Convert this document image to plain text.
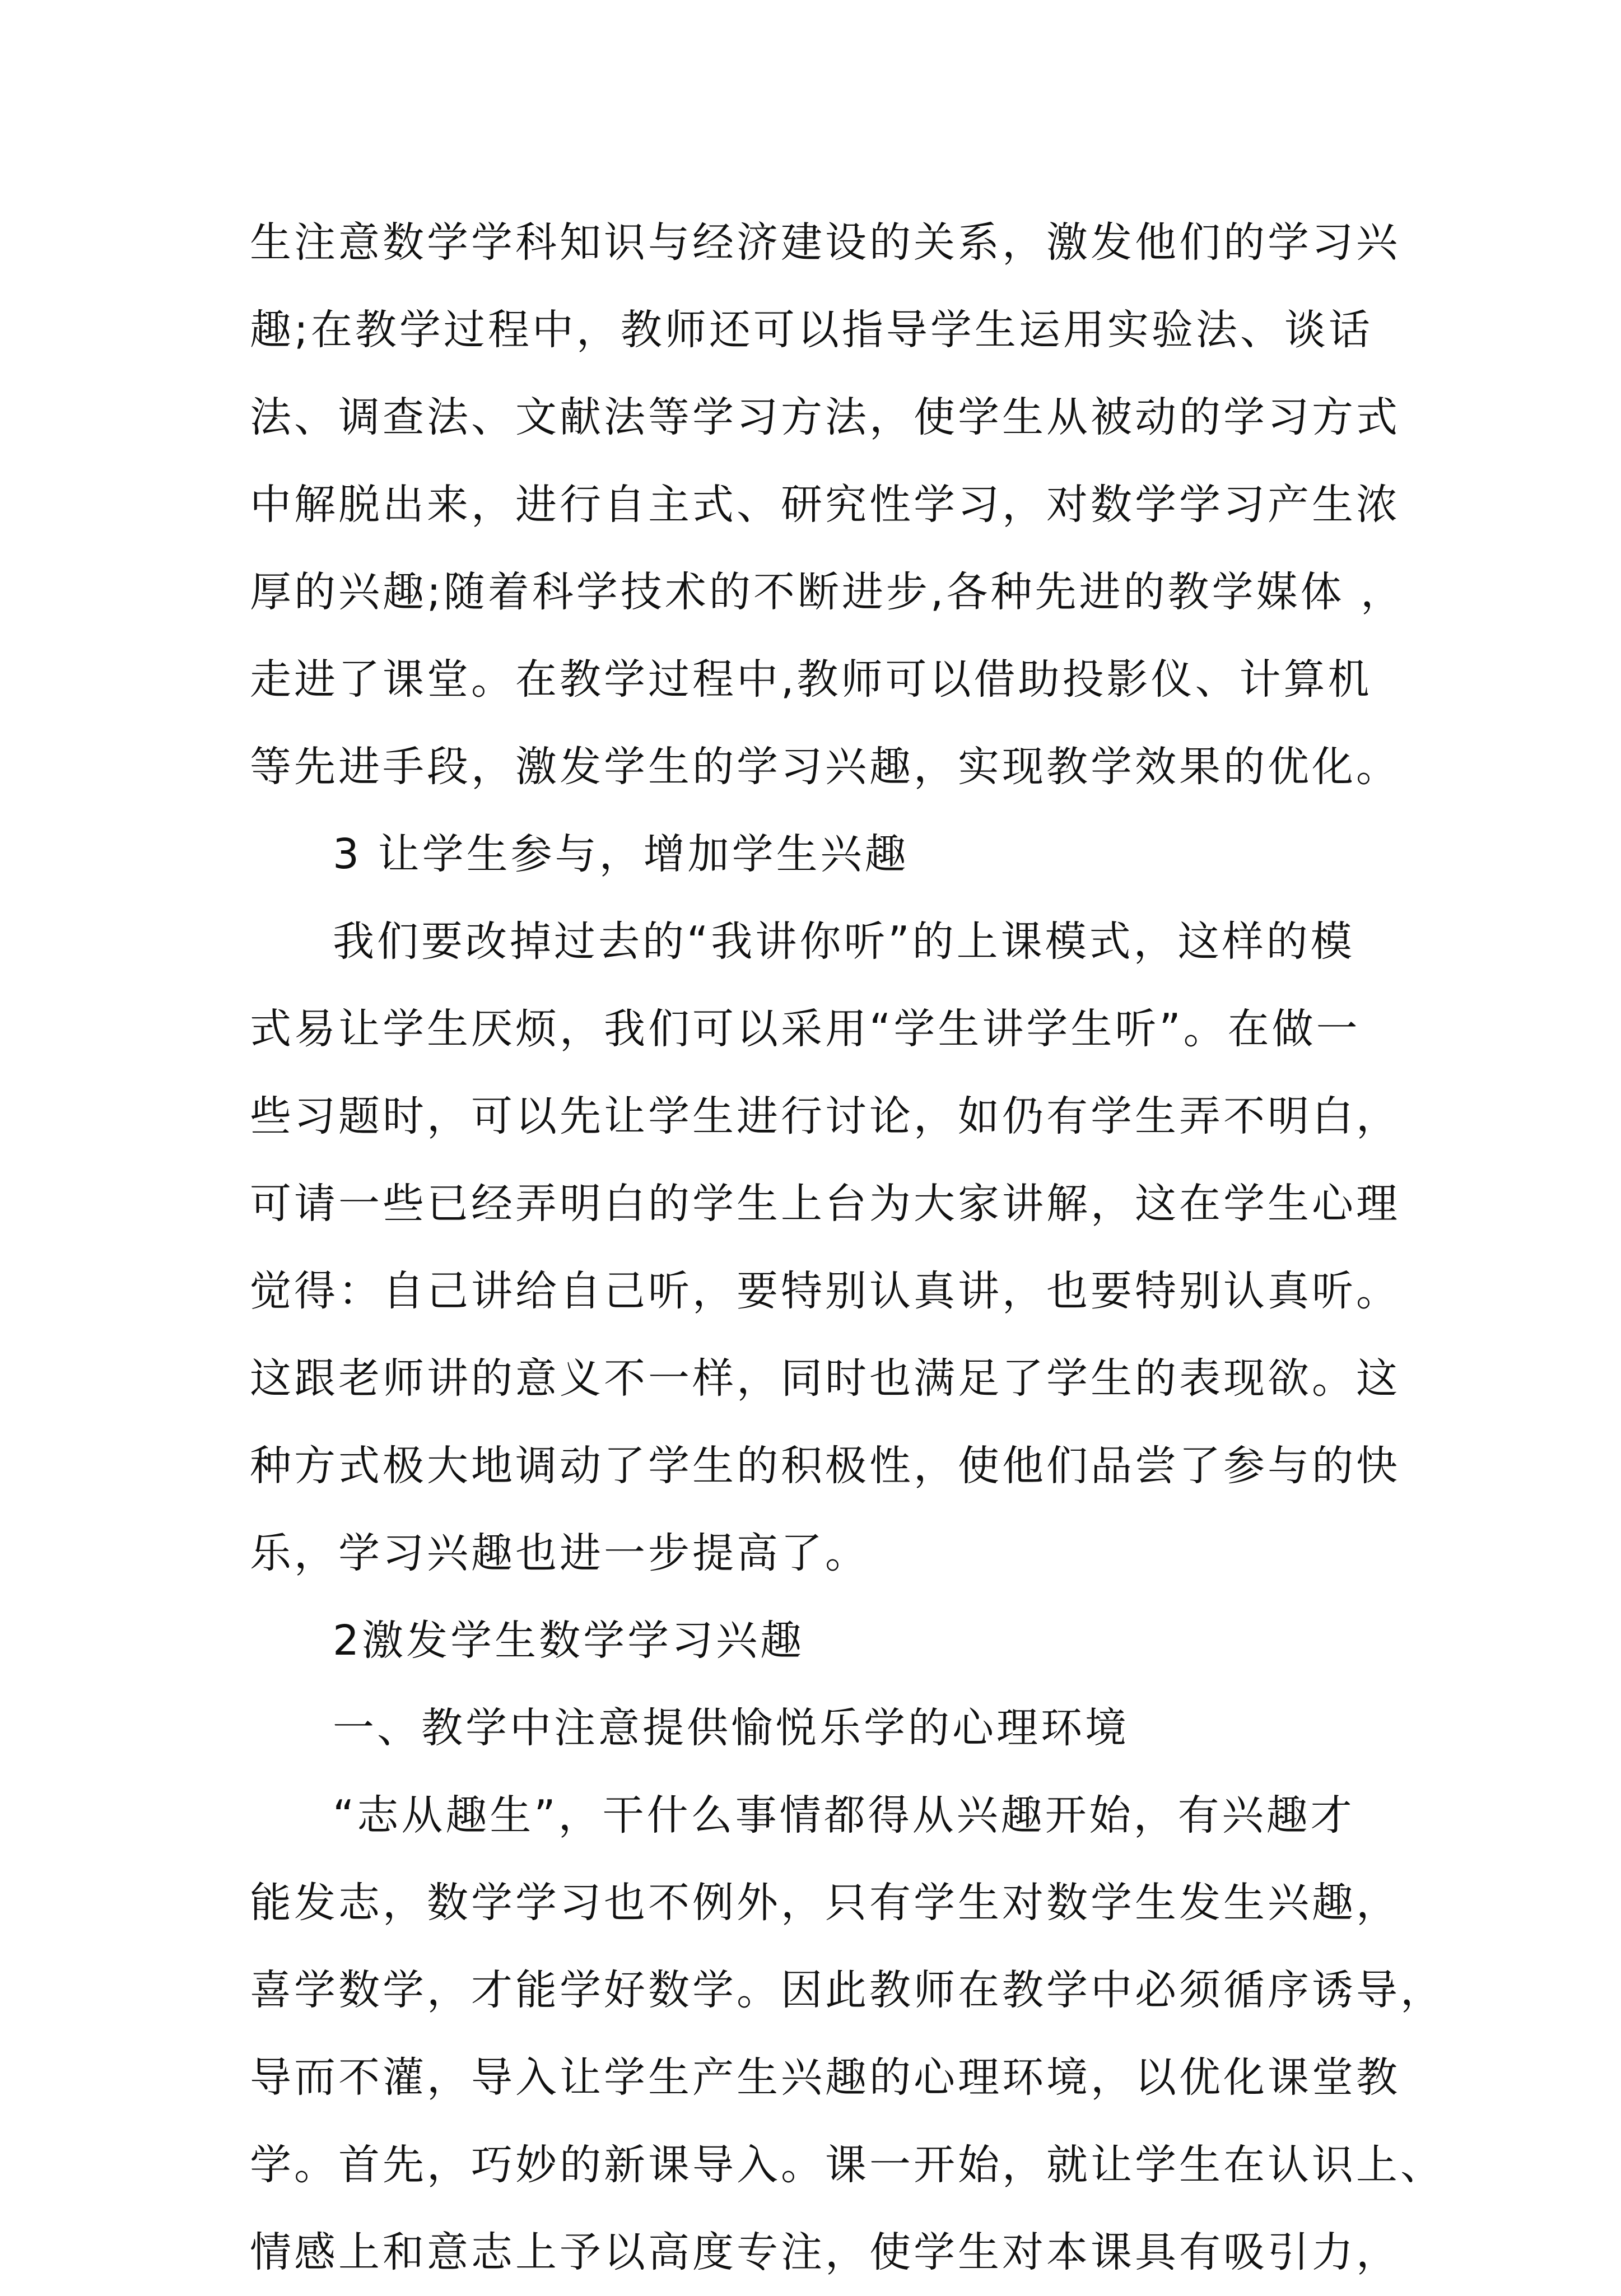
生注意数学学科知识与经济建设的关系，激发他们的学习兴
趣;在教学过程中，教师还可以指导学生运用实验法、谈话
法、调查法、文献法等学习方法，使学生从被动的学习方式
中解脱出来，进行自主式、研究性学习，对数学学习产生浓
厚的兴趣;随着科学技术的不断进步,各种先进的教学媒体 ，
走进了课堂。在教学过程中,教师可以借助投影仪、计算机
等先进手段，激发学生的学习兴趣，实现教学效果的优化。
3 让学生参与，增加学生兴趣
我们要改掉过去的“我讲你听”的上课模式，这样的模
式易让学生厌烦，我们可以采用“学生讲学生听”。在做一
些习题时，可以先让学生进行讨论，如仍有学生弄不明白，
可请一些已经弄明白的学生上台为大家讲解，这在学生心理
觉得：自己讲给自己听，要特别认真讲，也要特别认真听。
这跟老师讲的意义不一样，同时也满足了学生的表现欲。这
种方式极大地调动了学生的积极性，使他们品尝了参与的快
乐，学习兴趣也进一步提高了。
2激发学生数学学习兴趣
一、教学中注意提供愉悦乐学的心理环境
“志从趣生”，干什么事情都得从兴趣开始，有兴趣才
能发志，数学学习也不例外，只有学生对数学生发生兴趣，
喜学数学，才能学好数学。因此教师在教学中必须循序诱导，
导而不灌，导入让学生产生兴趣的心理环境，以优化课堂教
学。首先，巧妙的新课导入。课一开始，就让学生在认识上、
情感上和意志上予以高度专注，使学生对本课具有吸引力，
